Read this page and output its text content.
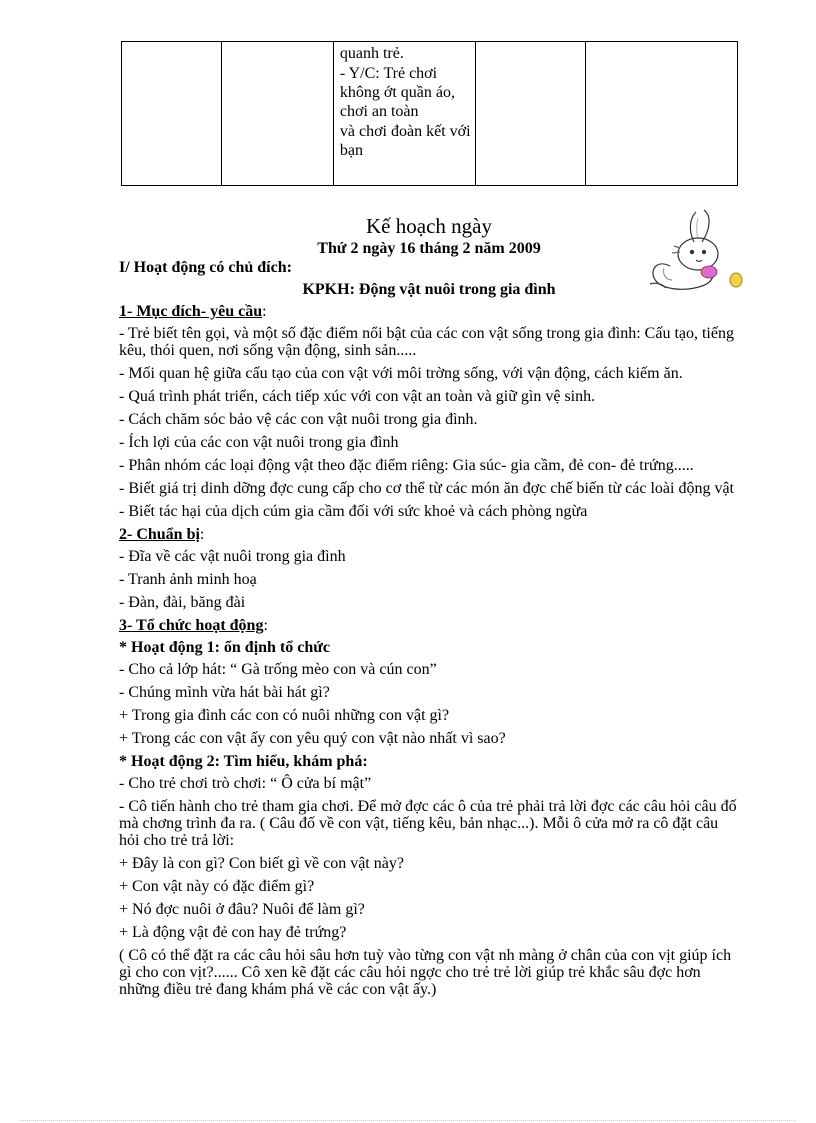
quanh trẻ.
- Y/C: Trẻ chơi không ớt quần áo, chơi an toàn
và chơi đoàn kết với bạn

Kế hoạch ngày
Thứ 2 ngày 16 tháng 2 năm 2009
I/ Hoạt động có chủ đích:
KPKH: Động vật nuôi trong gia đình
1- Mục đích- yêu cầu:
- Trẻ biết tên gọi, và một số đặc điểm nổi bật của các con vật sống trong gia đình: Cấu tạo, tiếng kêu, thói quen, nơi sống vận động, sinh sản.....
- Mối quan hệ giữa cấu tạo của con vật với môi trờng sống, với vận động, cách kiếm ăn.
- Quá trình phát triển, cách tiếp xúc với con vật an toàn và giữ gìn vệ sinh.
- Cách chăm sóc bảo vệ các con vật nuôi trong gia đình.
- Ích lợi của các con vật nuôi trong gia đình
- Phân nhóm các loại động vật theo đặc điểm riêng: Gia súc- gia cầm, đẻ con- đẻ trứng.....
- Biết giá trị dinh dỡng đợc cung cấp cho cơ thể từ các món ăn đợc chế biến từ các loài động vật
- Biết tác hại của dịch cúm gia cầm đối với sức khoẻ và cách phòng ngừa
2- Chuẩn bị:
- Đĩa về các vật nuôi trong gia đình
- Tranh ảnh minh hoạ
- Đàn, đài, băng đài
3- Tổ chức hoạt động:
* Hoạt động 1: ổn định tổ chức
- Cho cả lớp hát: “ Gà trống mèo con và cún con”
- Chúng mình vừa hát bài hát gì?
+ Trong gia đình các con có nuôi những con vật gì?
+ Trong các con vật ấy con yêu quý con vật nào nhất vì sao?
* Hoạt động 2: Tìm hiểu, khám phá:
- Cho trẻ chơi trò chơi: “ Ô cửa bí mật”
- Cô tiến hành cho trẻ tham gia chơi. Để mở đợc các ô của trẻ phải trả lời đợc các câu hỏi câu đố mà chơng trình đa ra. ( Câu đố về con vật, tiếng kêu, bản nhạc...). Mỗi ô cửa mở ra cô đặt câu hỏi cho trẻ trả lời:
+ Đây là con gì? Con biết gì về con vật này?
+ Con vật này có đặc điểm gì?
+ Nó đợc nuôi ở đâu? Nuôi để làm gì?
+ Là động vật đẻ con hay đẻ trứng?
( Cô có thể đặt ra các câu hỏi sâu hơn tuỳ vào từng con vật nh màng ở chân của con vịt giúp ích gì cho con vịt?...... Cô xen kẽ đặt các câu hỏi ngợc cho trẻ trẻ lời giúp trẻ khắc sâu đợc hơn những điều trẻ đang khám phá về các con vật ấy.)
